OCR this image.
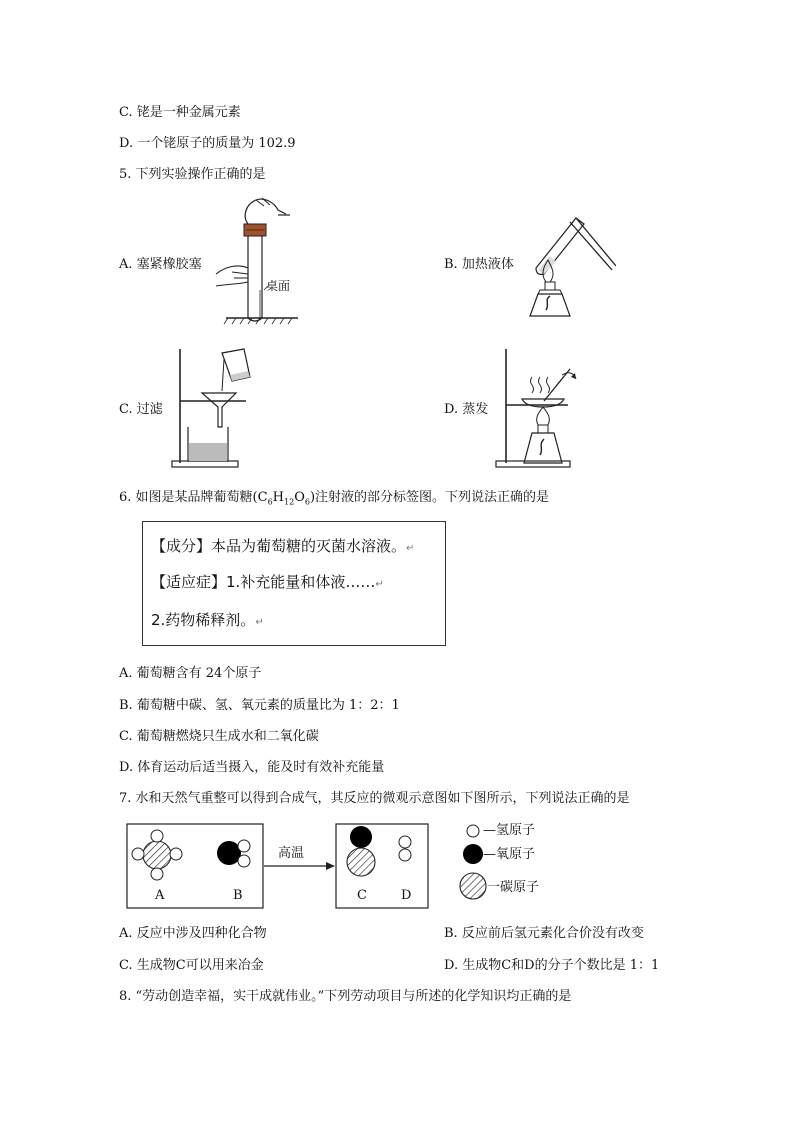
C. 铑是一种金属元素
D. 一个铑原子的质量为 102.9
5. 下列实验操作正确的是
A. 塞紧橡胶塞	B. 加热液体
C. 过滤	D. 蒸发
桌面
6. 如图是某品牌葡萄糖$(C_6H_{12}O_6)$注射液的部分标签图。下列说法正确的是
【成分】本品为葡萄糖的灭菌水溶液。↵
【适应症】1.补充能量和体液……↵
2.药物稀释剂。↵
A. 葡萄糖含有 24个原子
B. 葡萄糖中碳、氢、氧元素的质量比为 1：2：1
C. 葡萄糖燃烧只生成水和二氧化碳
D. 体育运动后适当摄入，能及时有效补充能量
7. 水和天然气重整可以得到合成气，其反应的微观示意图如下图所示，下列说法正确的是
A	B	C	D
高温
—氢原子
—氧原子
一碳原子
A. 反应中涉及四种化合物	B. 反应前后氢元素化合价没有改变
C. 生成物C可以用来冶金	D. 生成物C和D的分子个数比是 1：1
8. “劳动创造幸福，实干成就伟业。”下列劳动项目与所述的化学知识均正确的是
